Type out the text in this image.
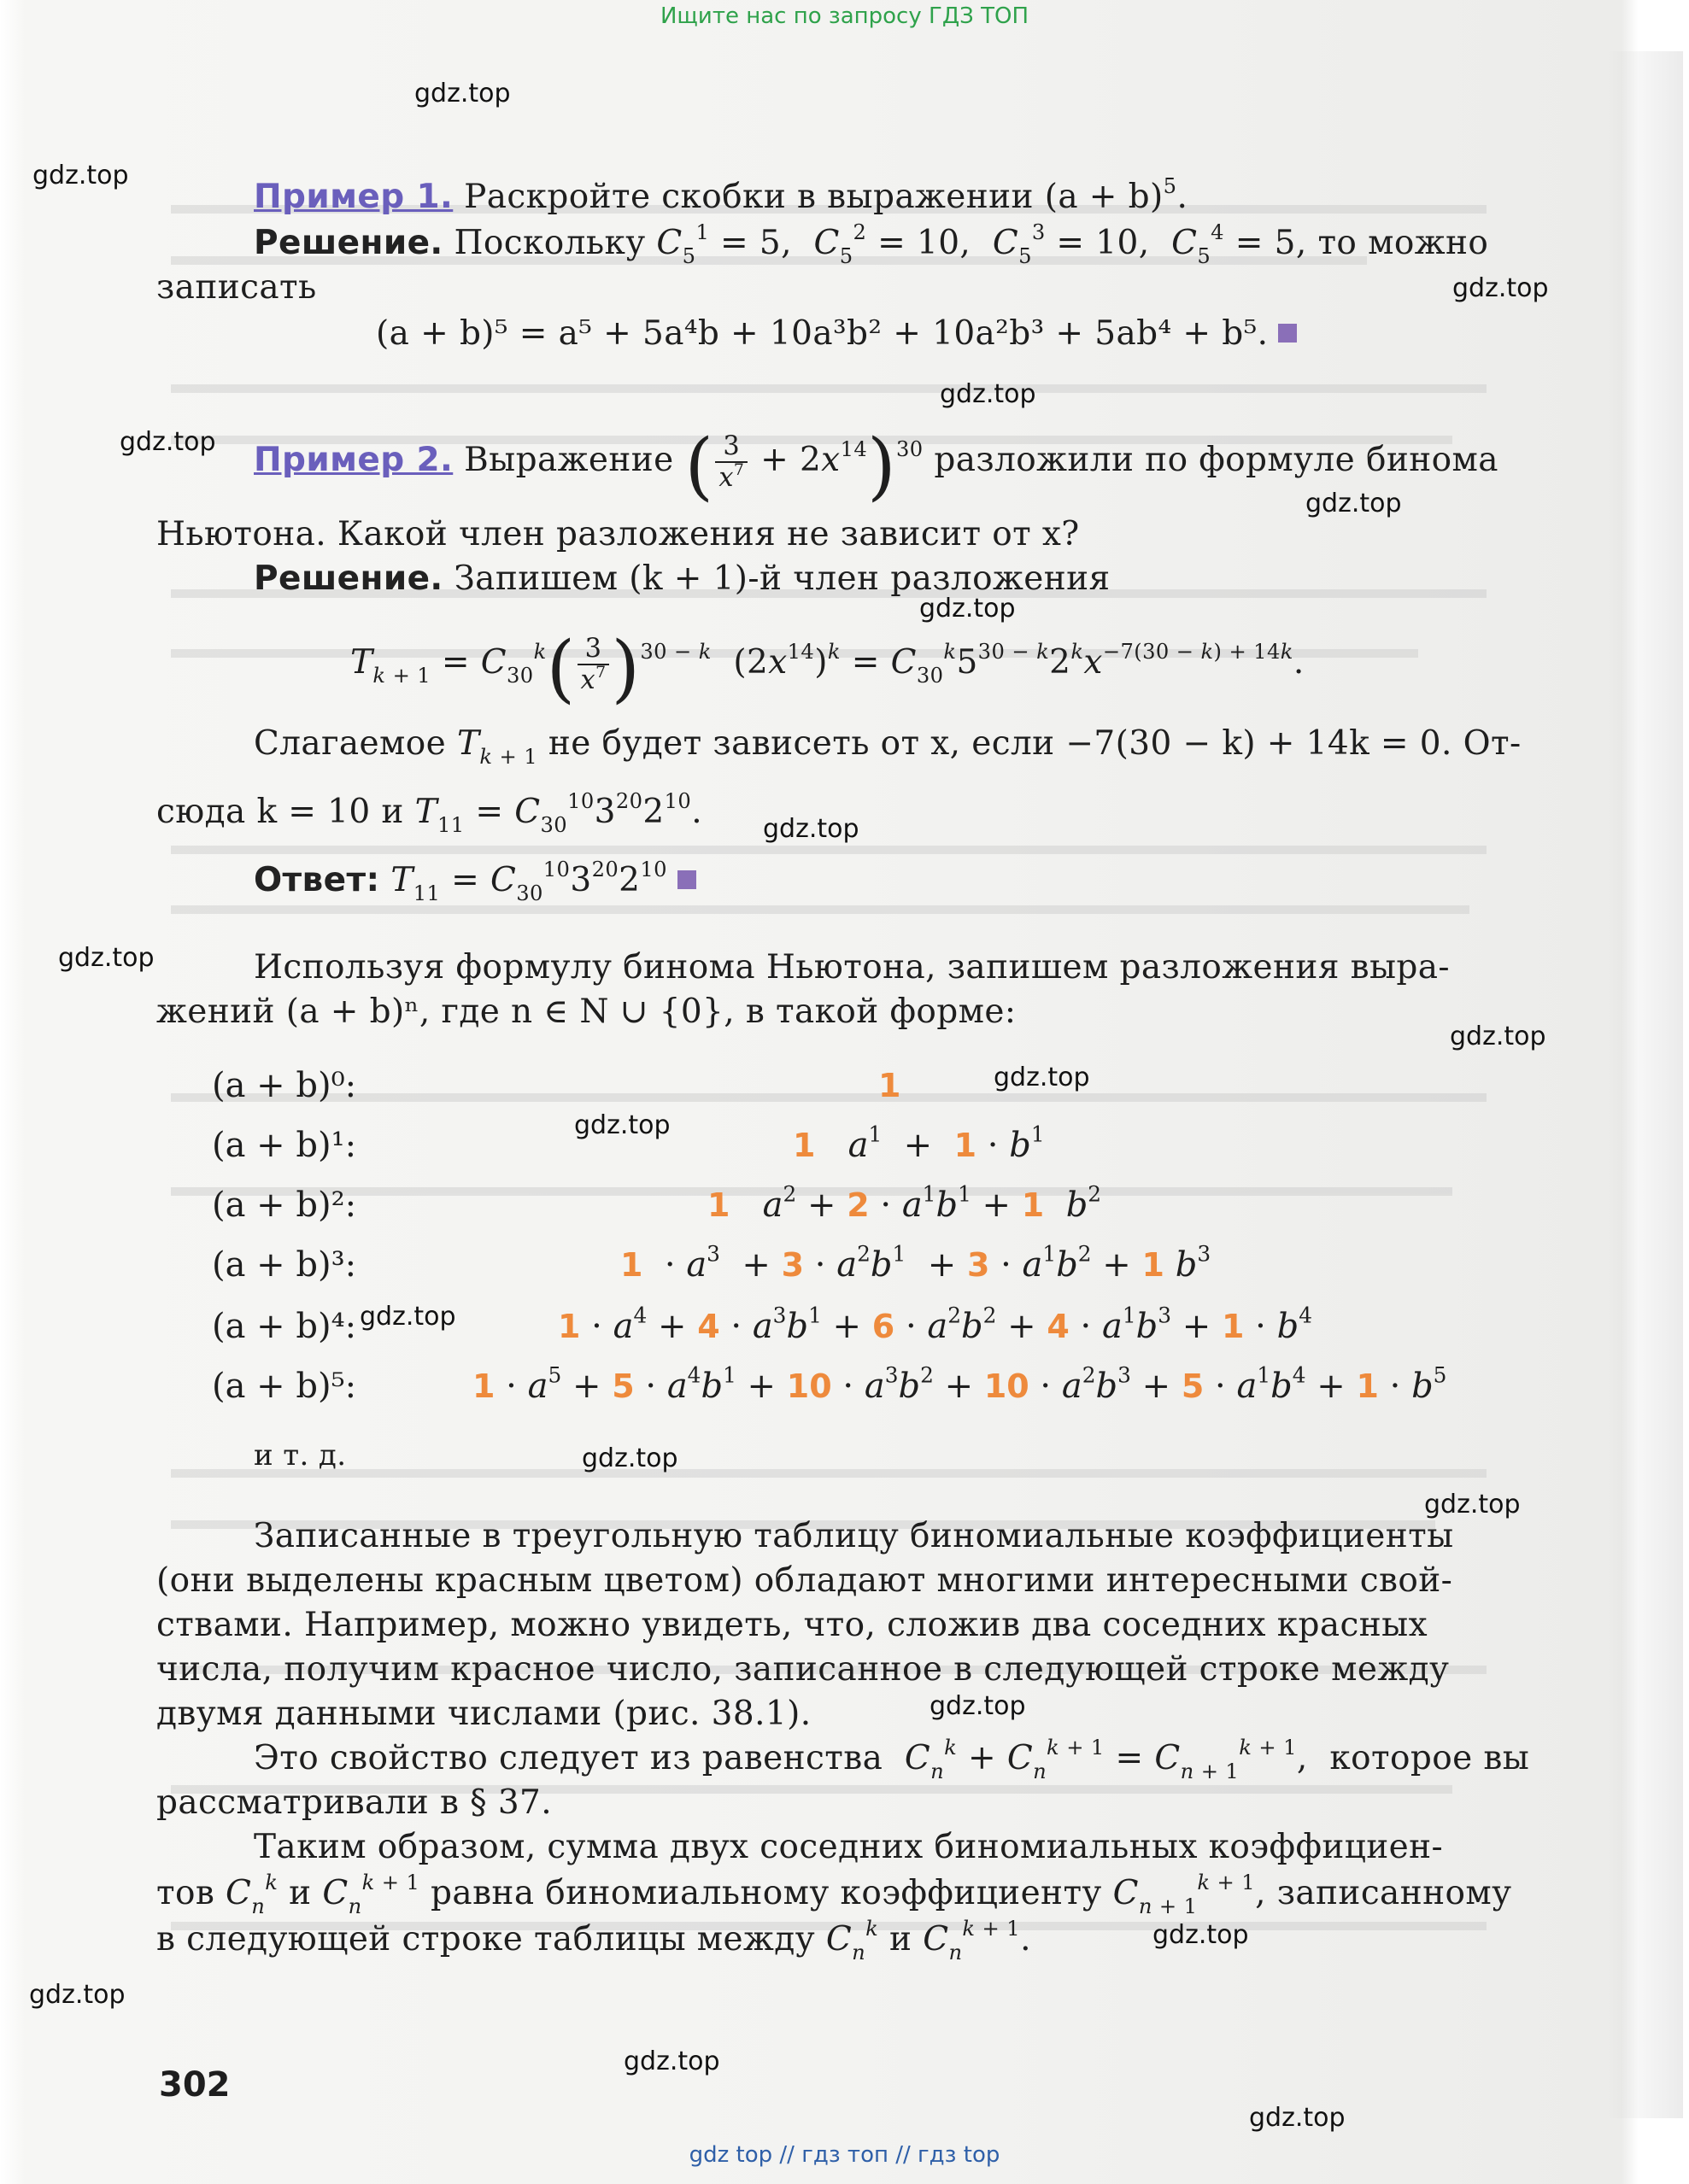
Ищите нас по запросу ГДЗ ТОП
Пример 1. Раскройте скобки в выражении $(a + b)^5$.
Решение. Поскольку $C_5^1 = 5$,  $C_5^2 = 10$,  $C_5^3 = 10$,  $C_5^4 = 5$, то можно
записать
(a + b)⁵ = a⁵ + 5a⁴b + 10a³b² + 10a²b³ + 5ab⁴ + b⁵.
Пример 2. Выражение ( $\frac{3}{x^7} + 2x^{14})^{30}$ разложили по формуле бинома
Ньютона. Какой член разложения не зависит от x?
Решение. Запишем (k + 1)-й член разложения
$T_{k + 1} = C_{30}^k( \frac{3}{x^7} )^{30 - k}$  $(2x^{14})^k = C_{30}^k5^{30 - k}2^kx^{-7(30 - k) + 14k}$.
Слагаемое $T_{k + 1}$ не будет зависеть от x, если −7(30 − k) + 14k = 0. От-
сюда k = 10 и $T_{11} = C_{30}^{10}3^{20}2^{10}$.
Ответ: $T_{11} = C_{30}^{10}3^{20}2^{10}$
Используя формулу бинома Ньютона, запишем разложения выра-
жений (a + b)ⁿ, где n ∈ N ∪ {0}, в такой форме:
(a + b)⁰:	1
(a + b)¹:	1 $a^1 + 1 \cdot b^1$
(a + b)²:	1 $a^2 + 2 \cdot a^1b^1 + 1$ $b^2$
(a + b)³:	$1 \cdot a^3 + 3 \cdot a^2b^1 + 3 \cdot a^1b^2 + 1$ $b^3$
(a + b)⁴:	$1 \cdot a^4 + 4 \cdot a^3b^1 + 6 \cdot a^2b^2 + 4 \cdot a^1b^3 + 1 \cdot b^4$
(a + b)⁵:	$1 \cdot a^5 + 5 \cdot a^4b^1 + 10 \cdot a^3b^2 + 10 \cdot a^2b^3 + 5 \cdot a^1b^4 + 1 \cdot b^5$
и т. д.
Записанные в треугольную таблицу биномиальные коэффициенты
(они выделены красным цветом) обладают многими интересными свой-
ствами. Например, можно увидеть, что, сложив два соседних красных
числа, получим красное число, записанное в следующей строке между
двумя данными числами (рис. 38.1).
Это свойство следует из равенства $C_n^k + C_n^{k + 1} = C_{n + 1}^{k + 1}$, которое вы
рассматривали в § 37.
Таким образом, сумма двух соседних биномиальных коэффициен-
тов $C_n^k$ и $C_n^{k + 1}$ равна биномиальному коэффициенту $C_{n + 1}^{k + 1}$, записанному
в следующей строке таблицы между $C_n^k$ и $C_n^{k + 1}$.
302
gdz.top
gdz.top
gdz.top
gdz.top
gdz.top
gdz.top
gdz.top
gdz.top
gdz.top
gdz.top
gdz.top
gdz.top
gdz.top
gdz.top
gdz.top
gdz.top
gdz.top
gdz.top
gdz.top
gdz.top
gdz top // гдз топ // гдз top
